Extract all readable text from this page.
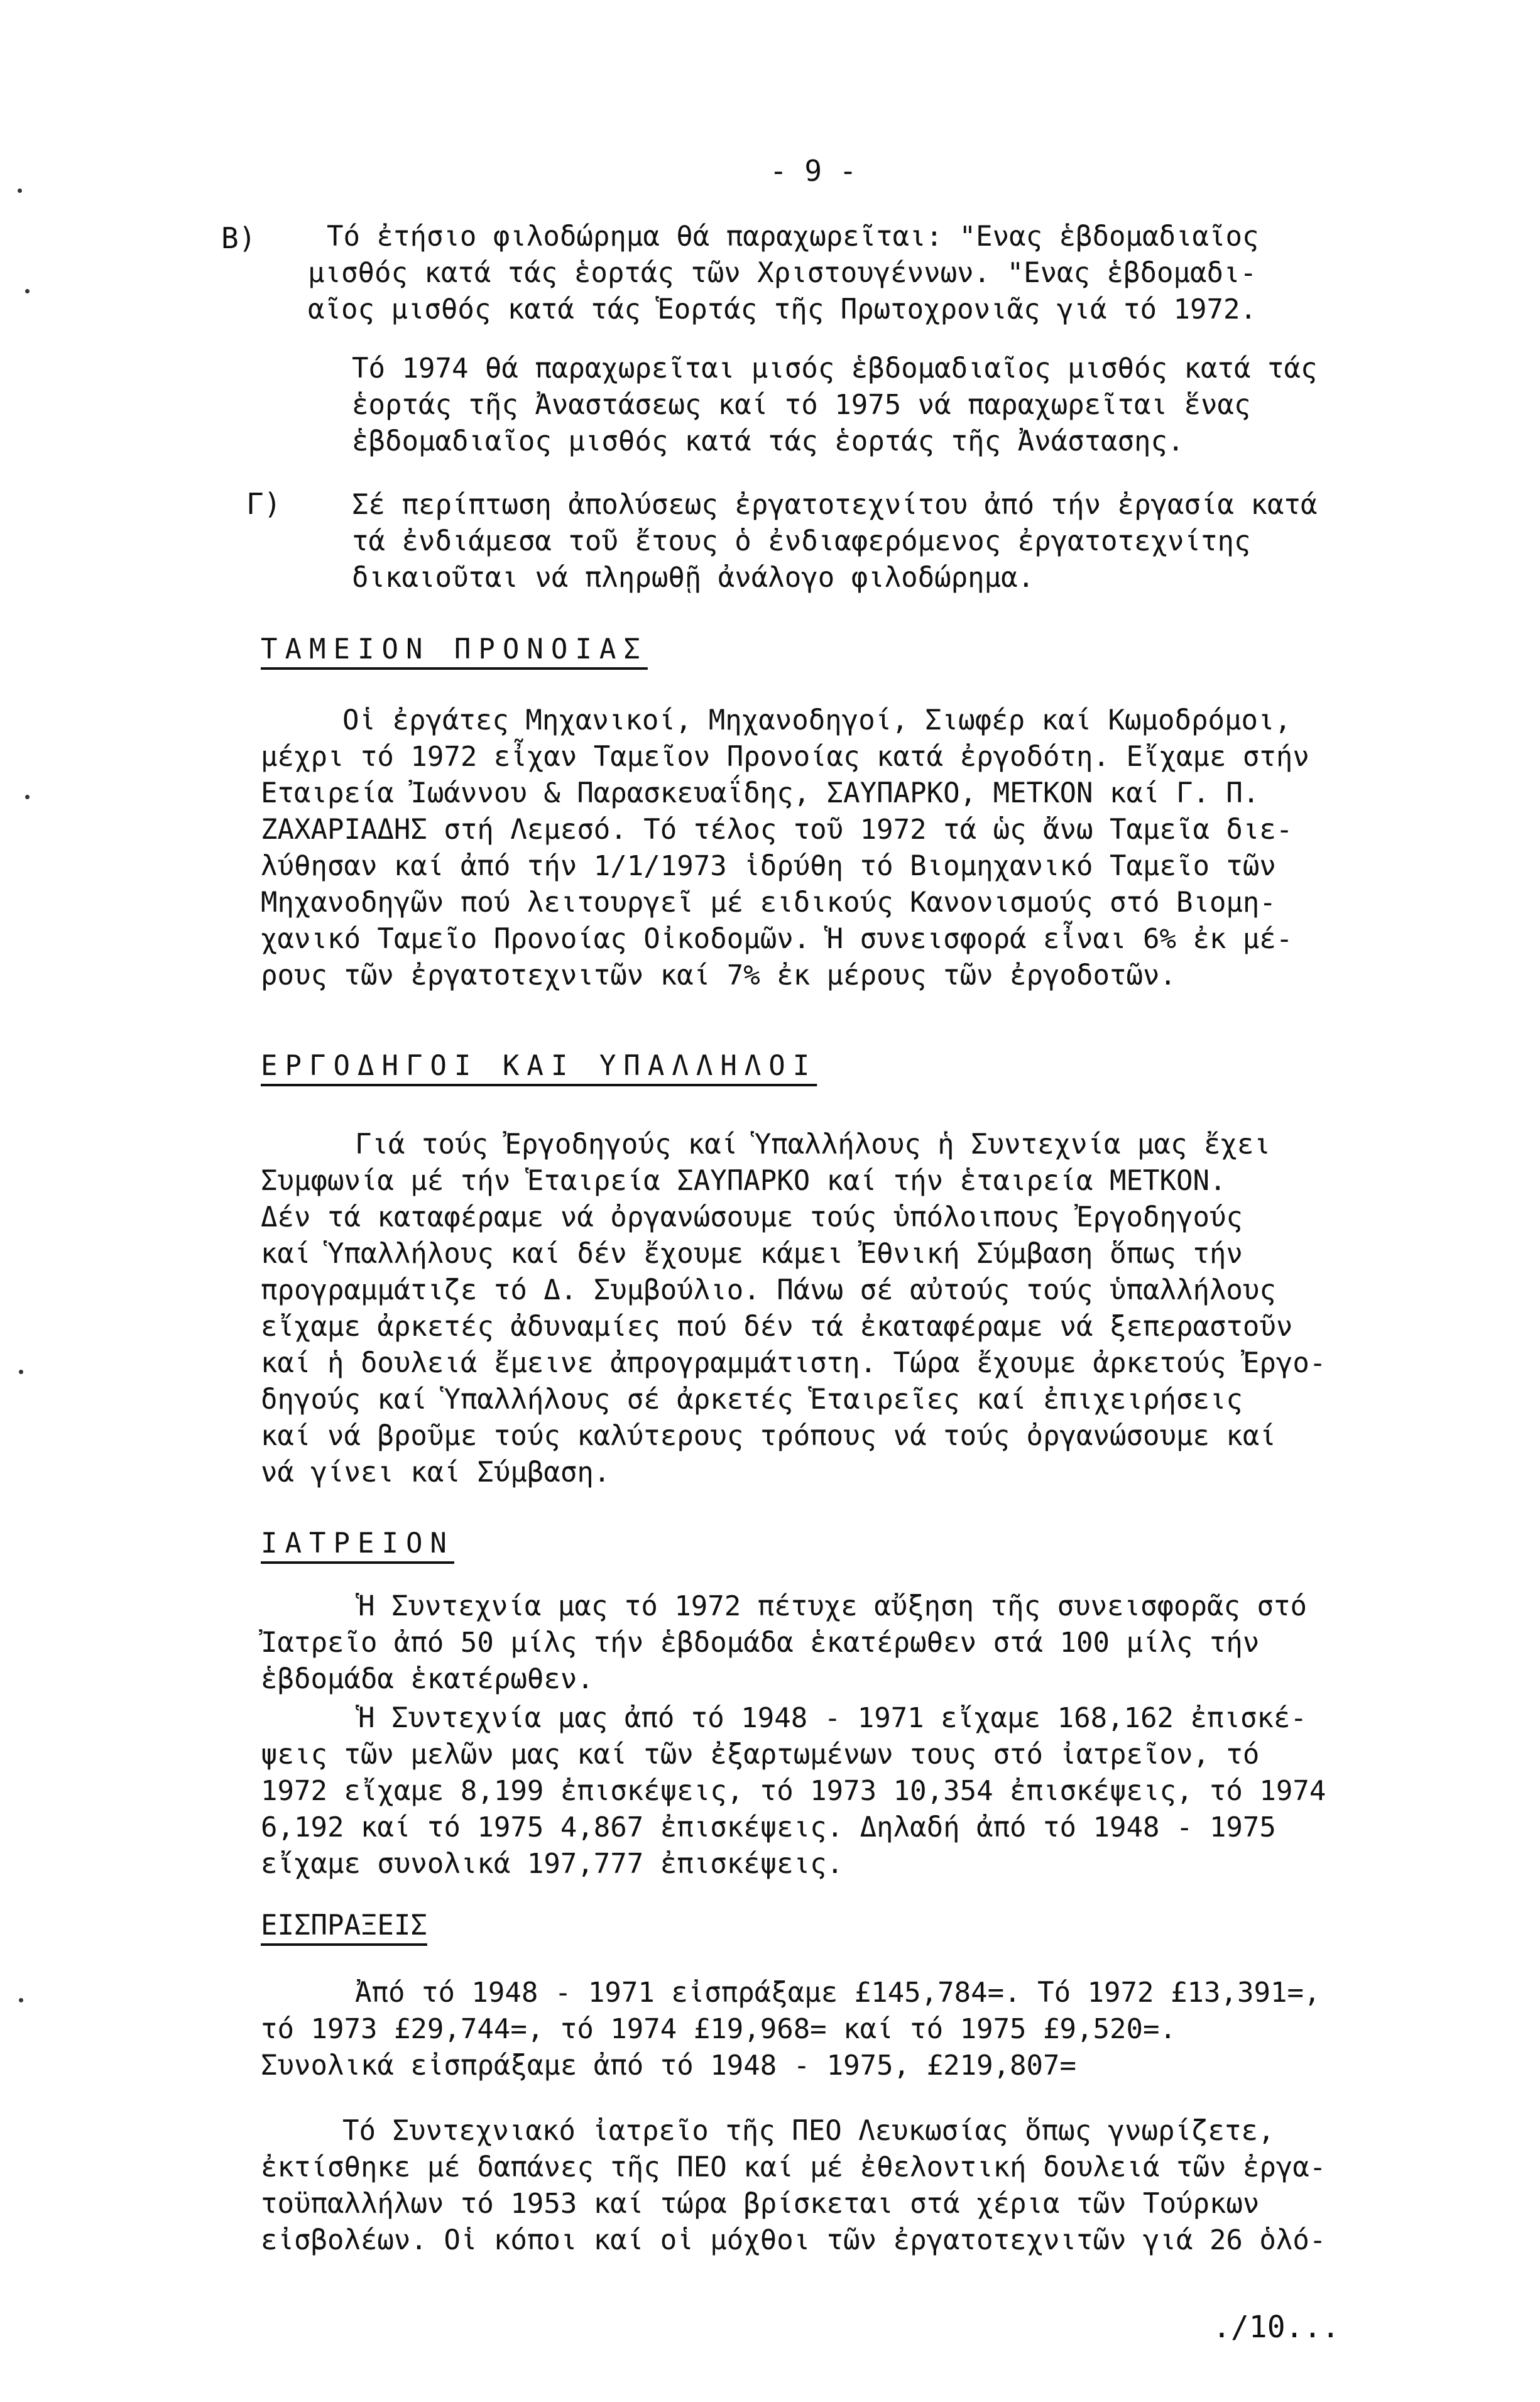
- 9 -
B)	Τό ἐτήσιο φιλοδώρημα θά παραχωρεῖται: "Ενας ἑβδομαδιαῖος
μισθός κατά τάς ἑορτάς τῶν Χριστουγέννων. "Ενας ἑβδομαδι-
αῖος μισθός κατά τάς Ἑορτάς τῆς Πρωτοχρονιᾶς γιά τό 1972.
Τό 1974 θά παραχωρεῖται μισός ἑβδομαδιαῖος μισθός κατά τάς
ἑορτάς τῆς Ἀναστάσεως καί τό 1975 νά παραχωρεῖται ἕνας
ἑβδομαδιαῖος μισθός κατά τάς ἑορτάς τῆς Ἀνάστασης.
Γ)	Σέ περίπτωση ἀπολύσεως ἐργατοτεχνίτου ἀπό τήν ἐργασία κατά
τά ἐνδιάμεσα τοῦ ἔτους ὁ ἐνδιαφερόμενος ἐργατοτεχνίτης
δικαιοῦται νά πληρωθῇ ἀνάλογο φιλοδώρημα.
ΤΑΜΕΙΟΝ ΠΡΟΝΟΙΑΣ
Οἱ ἐργάτες Μηχανικοί, Μηχανοδηγοί, Σιωφέρ καί Κωμοδρόμοι,
μέχρι τό 1972 εἶχαν Ταμεῖον Προνοίας κατά ἐργοδότη. Εἴχαμε στήν
Εταιρεία Ἰωάννου & Παρασκευαΐδης, ΣΑΥΠΑΡΚΟ, ΜΕΤΚΟΝ καί Γ. Π.
ΖΑΧΑΡΙΑΔΗΣ στή Λεμεσό. Τό τέλος τοῦ 1972 τά ὡς ἄνω Ταμεῖα διε-
λύθησαν καί ἀπό τήν 1/1/1973 ἱδρύθη τό Βιομηχανικό Ταμεῖο τῶν
Μηχανοδηγῶν πού λειτουργεῖ μέ ειδικούς Κανονισμούς στό Βιομη-
χανικό Ταμεῖο Προνοίας Οἰκοδομῶν. Ἡ συνεισφορά εἶναι 6% ἐκ μέ-
ρους τῶν ἐργατοτεχνιτῶν καί 7% ἐκ μέρους τῶν ἐργοδοτῶν.
ΕΡΓΟΔΗΓΟΙ ΚΑΙ ΥΠΑΛΛΗΛΟΙ
Γιά τούς Ἐργοδηγούς καί Ὑπαλλήλους ἡ Συντεχνία μας ἔχει
Συμφωνία μέ τήν Ἑταιρεία ΣΑΥΠΑΡΚΟ καί τήν ἑταιρεία ΜΕΤΚΟΝ.
Δέν τά καταφέραμε νά ὀργανώσουμε τούς ὑπόλοιπους Ἐργοδηγούς
καί Ὑπαλλήλους καί δέν ἔχουμε κάμει Ἐθνική Σύμβαση ὅπως τήν
προγραμμάτιζε τό Δ. Συμβούλιο. Πάνω σέ αὐτούς τούς ὑπαλλήλους
εἴχαμε ἀρκετές ἀδυναμίες πού δέν τά ἐκαταφέραμε νά ξεπεραστοῦν
καί ἡ δουλειά ἔμεινε ἀπρογραμμάτιστη. Τώρα ἔχουμε ἀρκετούς Ἐργο-
δηγούς καί Ὑπαλλήλους σέ ἀρκετές Ἑταιρεῖες καί ἐπιχειρήσεις
καί νά βροῦμε τούς καλύτερους τρόπους νά τούς ὀργανώσουμε καί
νά γίνει καί Σύμβαση.
ΙΑΤΡΕΙΟΝ
Ἡ Συντεχνία μας τό 1972 πέτυχε αὔξηση τῆς συνεισφορᾶς στό
Ἰατρεῖο ἀπό 50 μίλς τήν ἑβδομάδα ἑκατέρωθεν στά 100 μίλς τήν
ἑβδομάδα ἑκατέρωθεν.
Ἡ Συντεχνία μας ἀπό τό 1948 - 1971 εἴχαμε 168,162 ἐπισκέ-
ψεις τῶν μελῶν μας καί τῶν ἐξαρτωμένων τους στό ἰατρεῖον, τό
1972 εἴχαμε 8,199 ἐπισκέψεις, τό 1973 10,354 ἐπισκέψεις, τό 1974
6,192 καί τό 1975 4,867 ἐπισκέψεις. Δηλαδή ἀπό τό 1948 - 1975
εἴχαμε συνολικά 197,777 ἐπισκέψεις.
ΕΙΣΠΡΑΞΕΙΣ
Ἀπό τό 1948 - 1971 εἰσπράξαμε £145,784=. Τό 1972 £13,391=,
τό 1973 £29,744=, τό 1974 £19,968= καί τό 1975 £9,520=.
Συνολικά εἰσπράξαμε ἀπό τό 1948 - 1975, £219,807=
Τό Συντεχνιακό ἰατρεῖο τῆς ΠΕΟ Λευκωσίας ὅπως γνωρίζετε,
ἐκτίσθηκε μέ δαπάνες τῆς ΠΕΟ καί μέ ἐθελοντική δουλειά τῶν ἐργα-
τοϋπαλλήλων τό 1953 καί τώρα βρίσκεται στά χέρια τῶν Τούρκων
εἰσβολέων. Οἱ κόποι καί οἱ μόχθοι τῶν ἐργατοτεχνιτῶν γιά 26 ὁλό-
./10...
